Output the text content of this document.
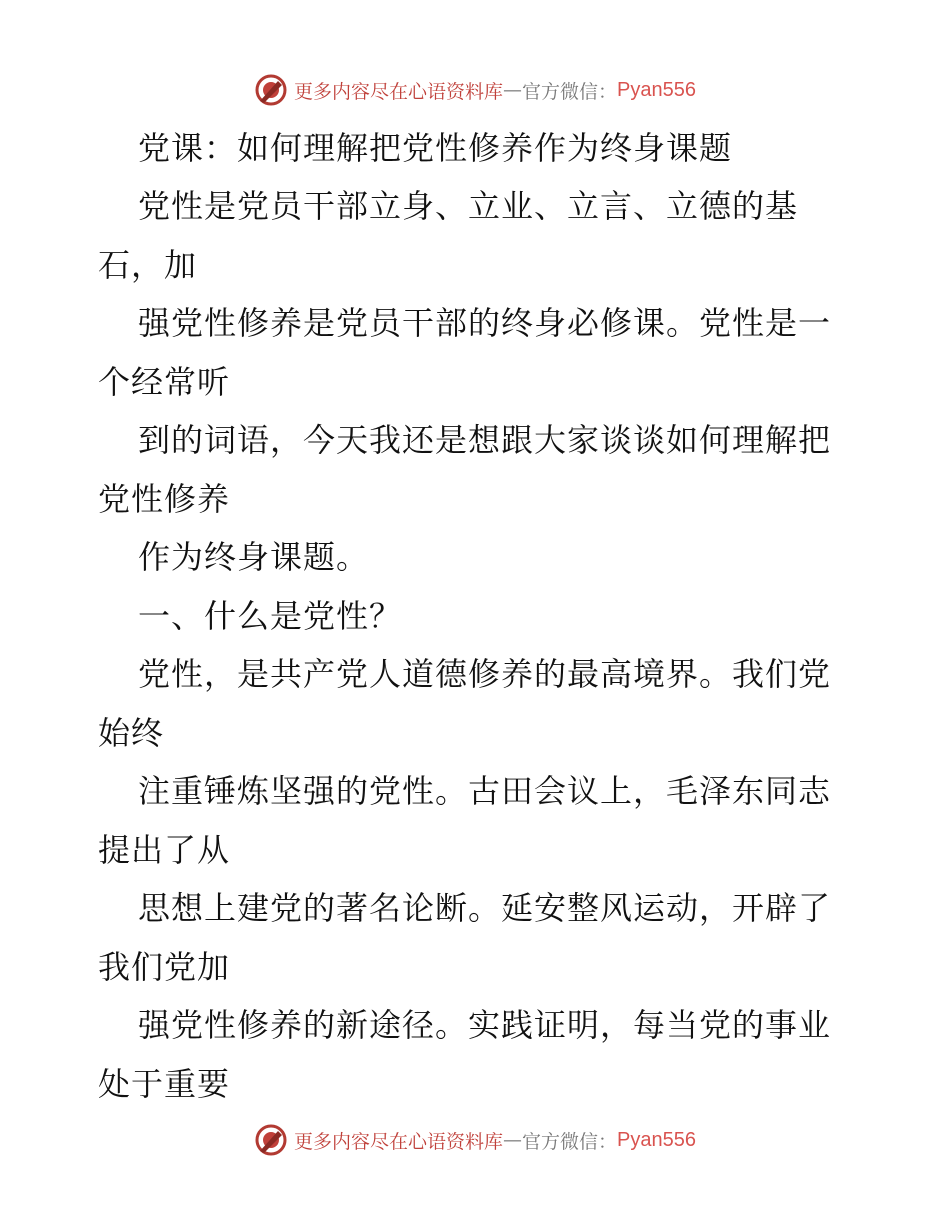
更多内容尽在心语资料库 — 官方微信： Pyan556
党课：如何理解把党性修养作为终身课题
党性是党员干部立身、立业、立言、立德的基
石，加
强党性修养是党员干部的终身必修课。党性是一
个经常听
到的词语，今天我还是想跟大家谈谈如何理解把
党性修养
作为终身课题。
一、什么是党性？
党性，是共产党人道德修养的最高境界。我们党
始终
注重锤炼坚强的党性。古田会议上，毛泽东同志
提出了从
思想上建党的著名论断。延安整风运动，开辟了
我们党加
强党性修养的新途径。实践证明，每当党的事业
处于重要
更多内容尽在心语资料库 — 官方微信： Pyan556
